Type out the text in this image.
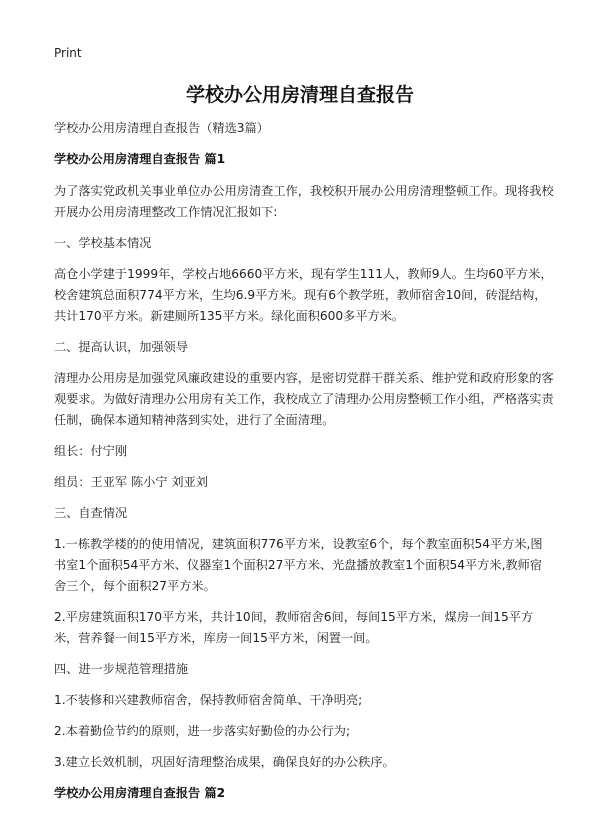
Print
学校办公用房清理自查报告

学校办公用房清理自查报告（精选3篇）

学校办公用房清理自查报告 篇1

为了落实党政机关事业单位办公用房清查工作，我校积开展办公用房清理整顿工作。现将我校开展办公用房清理整改工作情况汇报如下:

一、学校基本情况

高仓小学建于1999年，学校占地6660平方米，现有学生111人，教师9人。生均60平方米，校舍建筑总面积774平方米，生均6.9平方米。现有6个教学班，教师宿舍10间，砖混结构，共计170平方米。新建厕所135平方米。绿化面积600多平方米。

二、提高认识，加强领导

清理办公用房是加强党风廉政建设的重要内容，是密切党群干群关系、维护党和政府形象的客观要求。为做好清理办公用房有关工作，我校成立了清理办公用房整顿工作小组，严格落实责任制，确保本通知精神落到实处，进行了全面清理。

组长：付宁刚

组员：王亚军 陈小宁 刘亚刘

三、自查情况

1.一栋教学楼的的使用情况，建筑面积776平方米，设教室6个，每个教室面积54平方米,图书室1个面积54平方米、仪器室1个面积27平方米、光盘播放教室1个面积54平方米,教师宿舍三个，每个面积27平方米。

2.平房建筑面积170平方米，共计10间，教师宿舍6间，每间15平方米，煤房一间15平方米，营养餐一间15平方米，库房一间15平方米，闲置一间。

四、进一步规范管理措施

1.不装修和兴建教师宿舍，保持教师宿舍简单、干净明亮;

2.本着勤俭节约的原则，进一步落实好勤俭的办公行为;

3.建立长效机制，巩固好清理整治成果，确保良好的办公秩序。

学校办公用房清理自查报告 篇2
